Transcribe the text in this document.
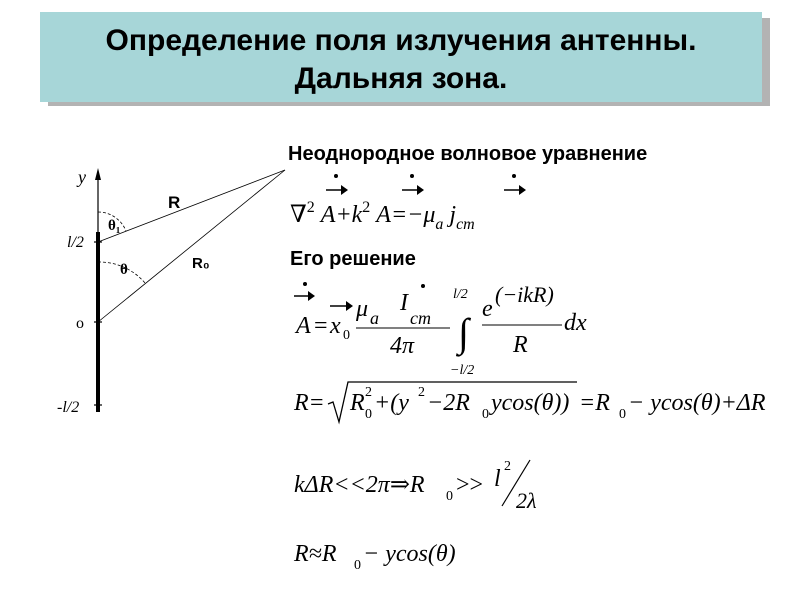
Определение поля излучения антенны.
Дальняя зона.
y
l/2
o
-l/2
R
R₀
θ₁
θ
Неоднородное волновое уравнение
∇$^2$ $A+k^2$ $A=-\mu_a$ $j_{cm}$
Его решение
A = x 0
μ a
I
cm
4π
l/2
∫
−l/2
e
(−ikR)
R
dx
R = R 0
2 +(y 2 −2R 0 ycos(θ)) =R 0 − ycos(θ)+ΔR
kΔR<<2π⇒R 0 >> l 2
2λ
R≈R 0 − ycos(θ)
